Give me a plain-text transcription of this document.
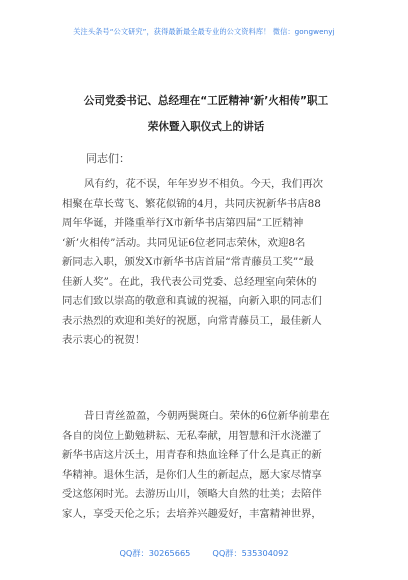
关注头条号“公文研究”，获得最新最全最专业的公文资料库！ 微信：gongwenyj
公司党委书记、总经理在“工匠精神‘新’火相传”职工
荣休暨入职仪式上的讲话
同志们：
风有约，花不误，年年岁岁不相负。今天，我们再次
相聚在草长莺飞、繁花似锦的4月，共同庆祝新华书店88
周年华诞，并隆重举行X市新华书店第四届“工匠精神
‘新’火相传”活动。共同见证6位老同志荣休，欢迎8名
新同志入职，颁发X市新华书店首届“常青藤员工奖”“最
佳新人奖”。在此，我代表公司党委、总经理室向荣休的
同志们致以崇高的敬意和真诚的祝福，向新入职的同志们
表示热烈的欢迎和美好的祝愿，向常青藤员工，最佳新人
表示衷心的祝贺！
昔日青丝盈盈，今朝两鬓斑白。荣休的6位新华前辈在
各自的岗位上勤勉耕耘、无私奉献，用智慧和汗水浇灌了
新华书店这片沃土，用青春和热血诠释了什么是真正的新
华精神。退休生活，是你们人生的新起点，愿大家尽情享
受这悠闲时光。去游历山川，领略大自然的壮美；去陪伴
家人，享受天伦之乐；去培养兴趣爱好，丰富精神世界，
QQ群：30265665	QQ群：535304092
